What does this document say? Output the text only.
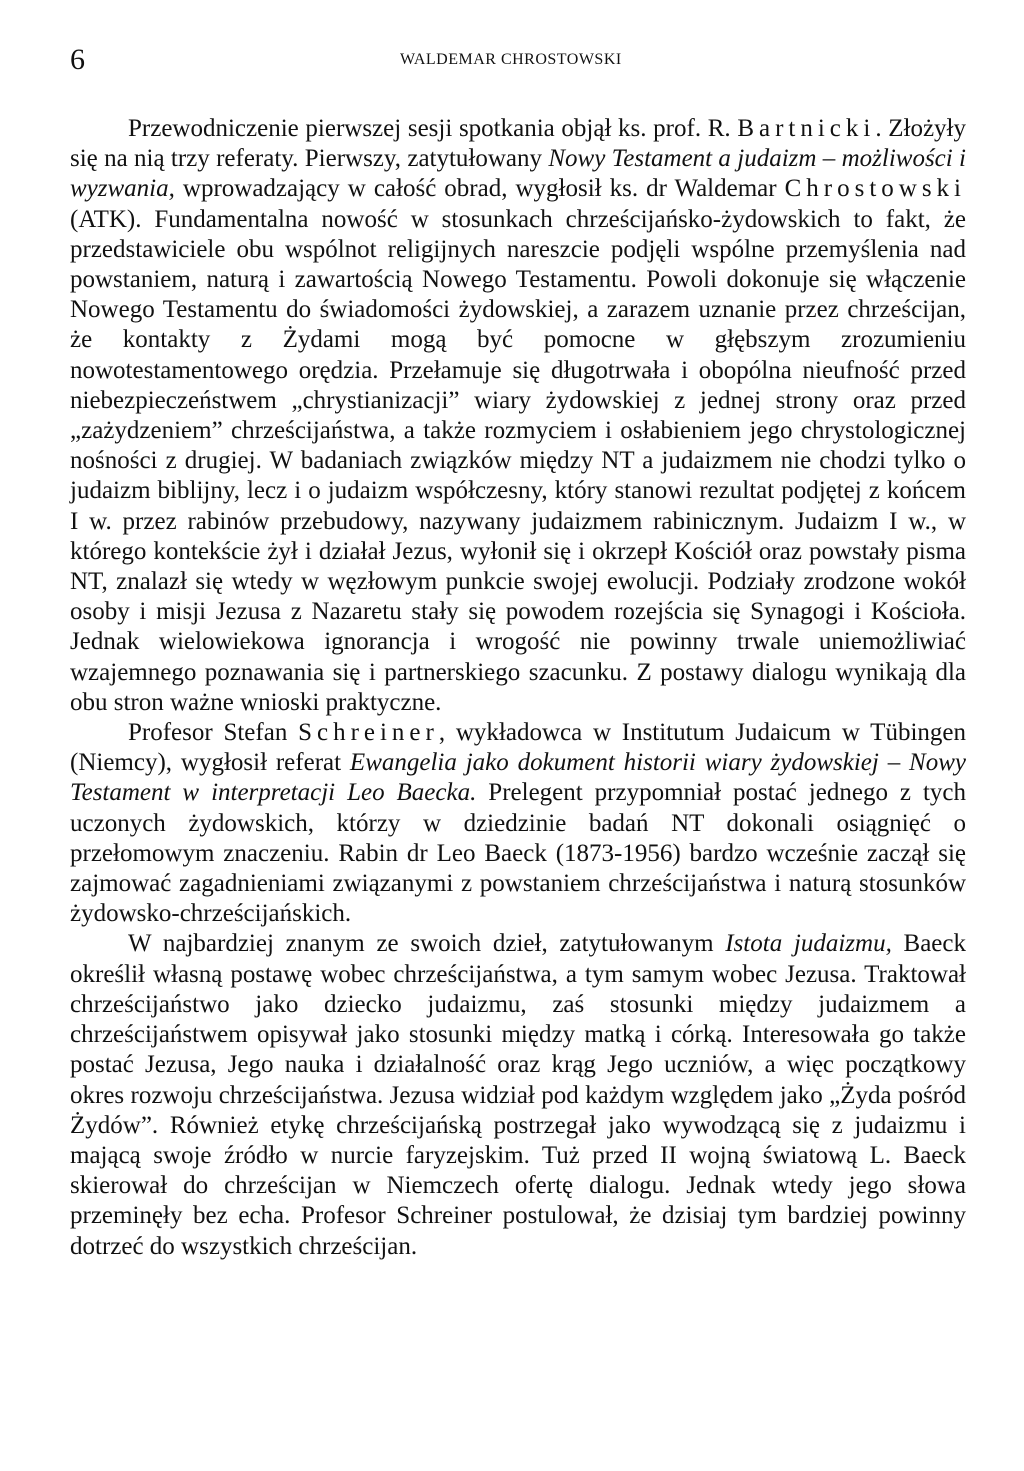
6	WALDEMAR CHROSTOWSKI

Przewodniczenie pierwszej sesji spotkania objął ks. prof. R. Bartnicki. Złożyły się na nią trzy referaty. Pierwszy, zatytułowany Nowy Testament a judaizm – możliwości i wyzwania, wprowadzający w całość obrad, wygłosił ks. dr Waldemar Chrostowski (ATK). Fundamentalna nowość w stosunkach chrześcijańsko-żydowskich to fakt, że przedstawiciele obu wspólnot religijnych nareszcie podjęli wspólne przemyślenia nad powstaniem, naturą i zawartością Nowego Testamentu. Powoli dokonuje się włączenie Nowego Testamentu do świadomości żydowskiej, a zarazem uznanie przez chrześcijan, że kontakty z Żydami mogą być pomocne w głębszym zrozumieniu nowotestamentowego orędzia. Przełamuje się długotrwała i obopólna nieufność przed niebezpieczeństwem „chrystianizacji” wiary żydowskiej z jednej strony oraz przed „zażydzeniem” chrześcijaństwa, a także rozmyciem i osłabieniem jego chrystologicznej nośności z drugiej. W badaniach związków między NT a judaizmem nie chodzi tylko o judaizm biblijny, lecz i o judaizm współczesny, który stanowi rezultat podjętej z końcem I w. przez rabinów przebudowy, nazywany judaizmem rabinicznym. Judaizm I w., w którego kontekście żył i działał Jezus, wyłonił się i okrzepł Kościół oraz powstały pisma NT, znalazł się wtedy w węzłowym punkcie swojej ewolucji. Podziały zrodzone wokół osoby i misji Jezusa z Nazaretu stały się powodem rozejścia się Synagogi i Kościoła. Jednak wielowiekowa ignorancja i wrogość nie powinny trwale uniemożliwiać wzajemnego poznawania się i partnerskiego szacunku. Z postawy dialogu wynikają dla obu stron ważne wnioski praktyczne.

Profesor Stefan Schreiner, wykładowca w Institutum Judaicum w Tübingen (Niemcy), wygłosił referat Ewangelia jako dokument historii wiary żydowskiej – Nowy Testament w interpretacji Leo Baecka. Prelegent przypomniał postać jednego z tych uczonych żydowskich, którzy w dziedzinie badań NT dokonali osiągnięć o przełomowym znaczeniu. Rabin dr Leo Baeck (1873-1956) bardzo wcześnie zaczął się zajmować zagadnieniami związanymi z powstaniem chrześcijaństwa i naturą stosunków żydowsko-chrześcijańskich.

W najbardziej znanym ze swoich dzieł, zatytułowanym Istota judaizmu, Baeck określił własną postawę wobec chrześcijaństwa, a tym samym wobec Jezusa. Traktował chrześcijaństwo jako dziecko judaizmu, zaś stosunki między judaizmem a chrześcijaństwem opisywał jako stosunki między matką i córką. Interesowała go także postać Jezusa, Jego nauka i działalność oraz krąg Jego uczniów, a więc początkowy okres rozwoju chrześcijaństwa. Jezusa widział pod każdym względem jako „Żyda pośród Żydów”. Również etykę chrześcijańską postrzegał jako wywodzącą się z judaizmu i mającą swoje źródło w nurcie faryzejskim. Tuż przed II wojną światową L. Baeck skierował do chrześcijan w Niemczech ofertę dialogu. Jednak wtedy jego słowa przeminęły bez echa. Profesor Schreiner postulował, że dzisiaj tym bardziej powinny dotrzeć do wszystkich chrześcijan.
